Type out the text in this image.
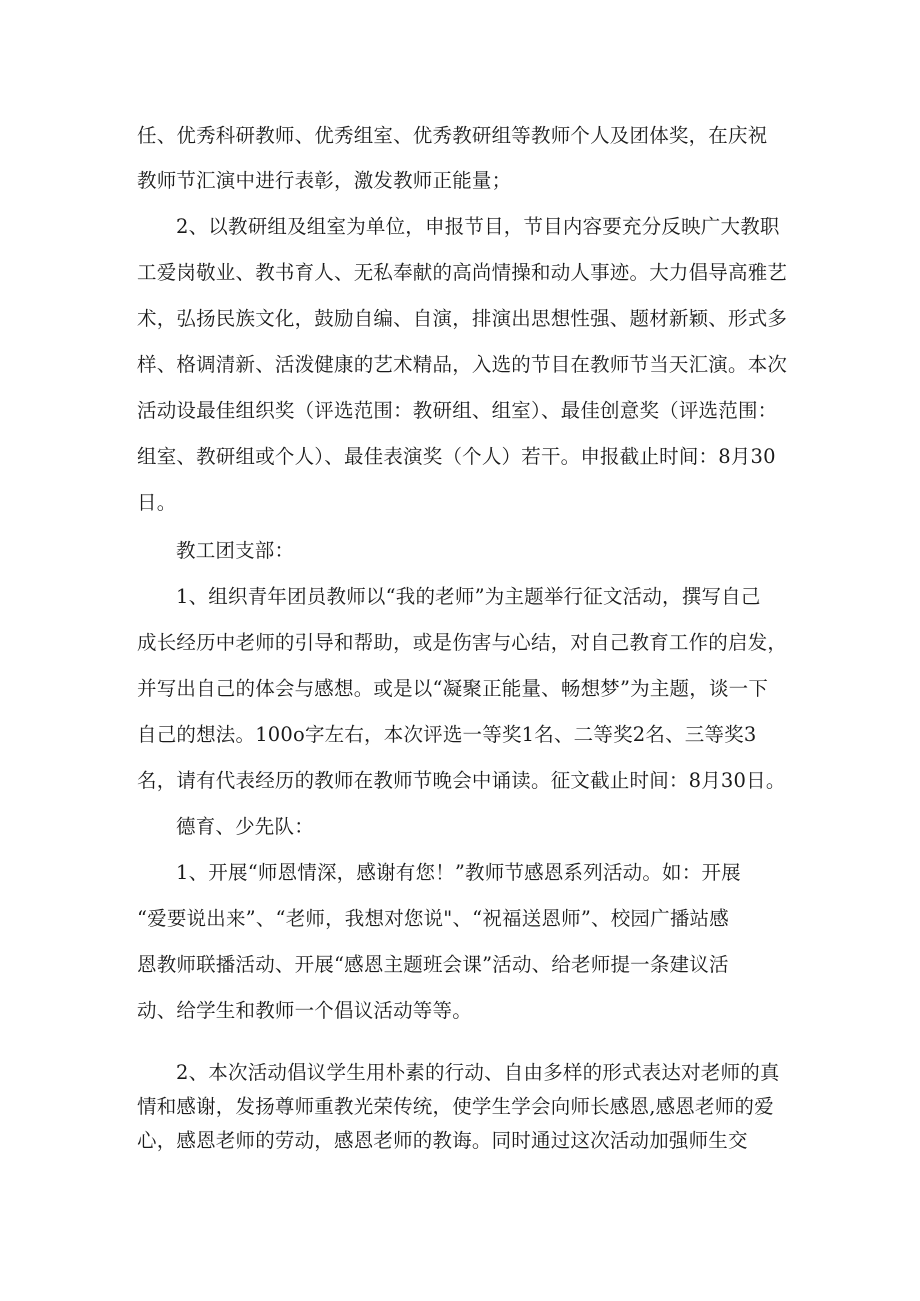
任、优秀科研教师、优秀组室、优秀教研组等教师个人及团体奖，在庆祝

教师节汇演中进行表彰，激发教师正能量；

2、以教研组及组室为单位，申报节目，节目内容要充分反映广大教职

工爱岗敬业、教书育人、无私奉献的高尚情操和动人事迹。大力倡导高雅艺

术，弘扬民族文化，鼓励自编、自演，排演出思想性强、题材新颖、形式多

样、格调清新、活泼健康的艺术精品，入选的节目在教师节当天汇演。本次

活动设最佳组织奖（评选范围：教研组、组室）、最佳创意奖（评选范围：

组室、教研组或个人）、最佳表演奖（个人）若干。申报截止时间：8月30

日。

教工团支部：

1、组织青年团员教师以“我的老师”为主题举行征文活动，撰写自己

成长经历中老师的引导和帮助，或是伤害与心结，对自己教育工作的启发，

并写出自己的体会与感想。或是以“凝聚正能量、畅想梦”为主题，谈一下

自己的想法。100o字左右，本次评选一等奖1名、二等奖2名、三等奖3

名，请有代表经历的教师在教师节晚会中诵读。征文截止时间：8月30日。

德育、少先队：

1、开展“师恩情深，感谢有您！”教师节感恩系列活动。如：开展

“爱要说出来”、“老师，我想对您说"、“祝福送恩师”、校园广播站感

恩教师联播活动、开展“感恩主题班会课”活动、给老师提一条建议活

动、给学生和教师一个倡议活动等等。

2、本次活动倡议学生用朴素的行动、自由多样的形式表达对老师的真

情和感谢，发扬尊师重教光荣传统，使学生学会向师长感恩,感恩老师的爱

心，感恩老师的劳动，感恩老师的教诲。同时通过这次活动加强师生交
